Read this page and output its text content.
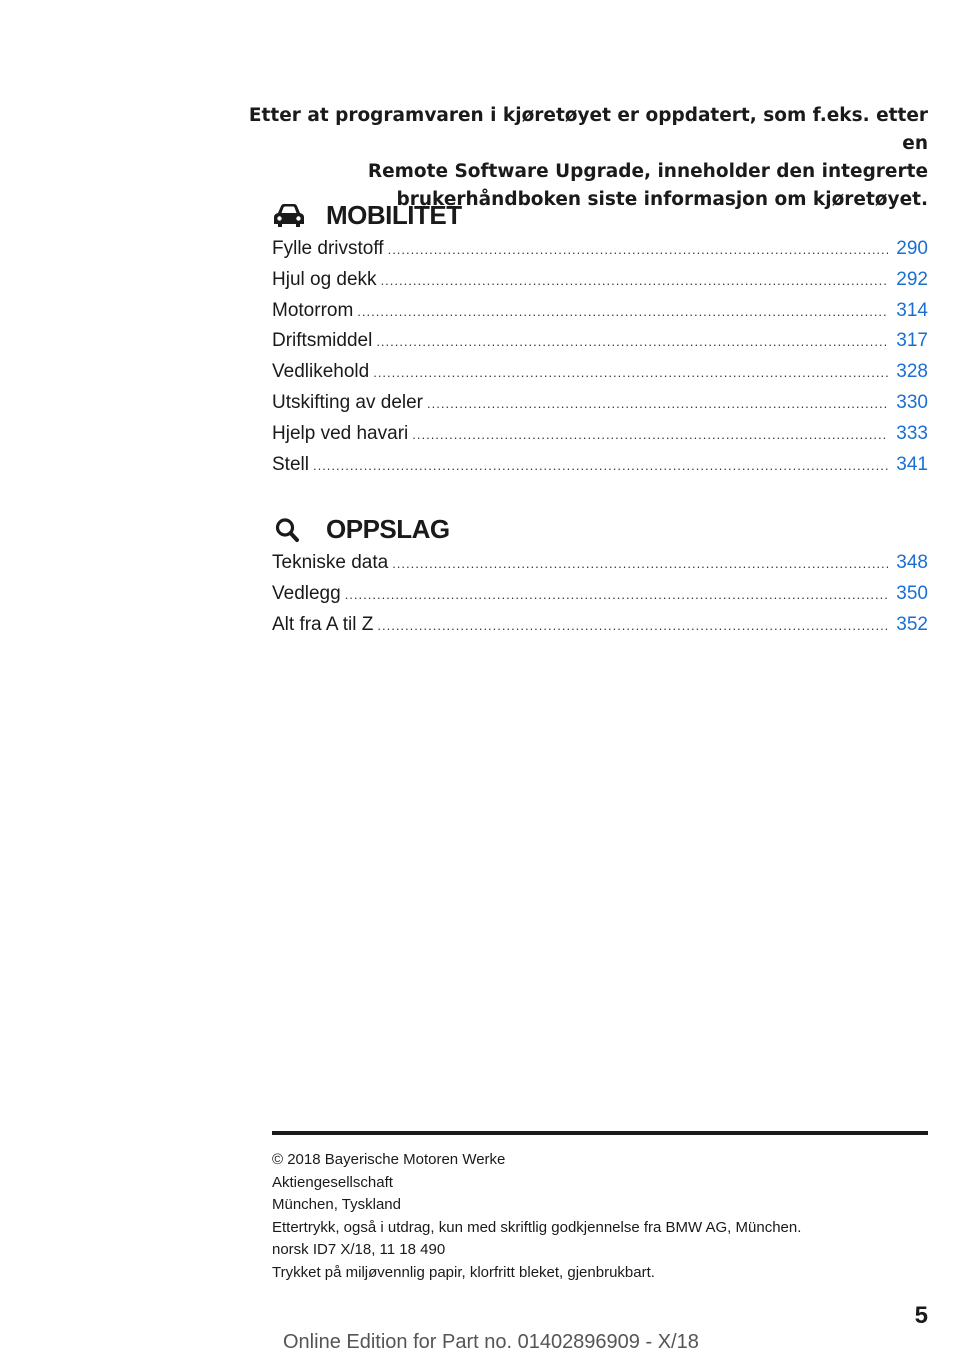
Etter at programvaren i kjøretøyet er oppdatert, som f.eks. etter en
Remote Software Upgrade, inneholder den integrerte
brukerhåndboken siste informasjon om kjøretøyet.
MOBILITET
Fylle drivstoff .....	290
Hjul og dekk .....	292
Motorrom .....	314
Driftsmiddel .....	317
Vedlikehold .....	328
Utskifting av deler .....	330
Hjelp ved havari .....	333
Stell .....	341
OPPSLAG
Tekniske data .....	348
Vedlegg .....	350
Alt fra A til Z .....	352
© 2018 Bayerische Motoren Werke
Aktiengesellschaft
München, Tyskland
Ettertrykk, også i utdrag, kun med skriftlig godkjennelse fra BMW AG, München.
norsk ID7 X/18, 11 18 490
Trykket på miljøvennlig papir, klorfritt bleket, gjenbrukbart.
5
Online Edition for Part no. 01402896909 - X/18
